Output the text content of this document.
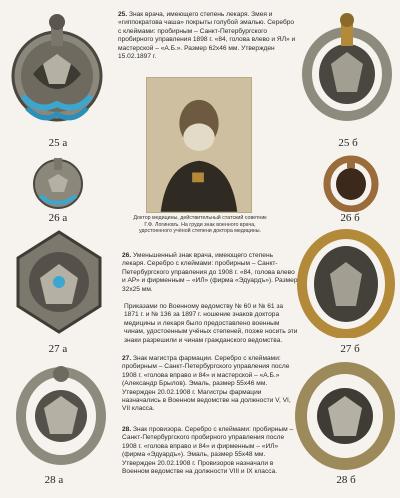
25 а	25 б
26 а	26 б
27 а	27 б
28 а	28 б
Доктор медицины, действительный статский советник Г.Ф. Логиновъ. На груди знак военного врача, удостоенного учёной степени доктора медицины.
25. Знак врача, имеющего степень лекаря. Змея и «гиппократова чаша» покрыты голубой эмалью. Серебро с клеймами: пробирным – Санкт-Петербургского пробирного управления 1898 г. «84, голова влево и ЯЛ» и мастерской – «А.Б.». Размер 62x46 мм. Утвержден 15.02.1897 г.
26. Уменьшенный знак врача, имеющего степень лекаря. Серебро с клеймами: пробирным – Санкт-Петербургского управления до 1908 г. «84, голова влево и АР» и фирменным – «ИЛ» (фирма «Эдуардъ»). Размер 32x25 мм.
Приказами по Военному ведомству № 60 и № 61 за 1871 г. и № 136 за 1897 г. ношение знаков доктора медицины и лекаря было предоставлено военным чинам, удостоенным учёных степеней, позже носить эти знаки разрешили и чинам гражданского ведомства.
27. Знак магистра фармации. Серебро с клеймами: пробирным – Санкт-Петербургского управления после 1908 г. «голова вправо и 84» и мастерской – «А.Б.» (Александр Брылов). Эмаль, размер 55x46 мм. Утвержден 20.02.1908 г. Магистры фармации назначались в Военном ведомстве на должности V, VI, VII класса.
28. Знак провизора. Серебро с клеймами: пробирным – Санкт-Петербургского пробирного управления после 1908 г. «голова вправо и 84» и фирменным – «ИЛ» (фирма «Эдуардъ»). Эмаль, размер 55x48 мм. Утвержден 20.02.1908 г. Провизоров назначали в Военном ведомстве на должности VIII и IX класса.
